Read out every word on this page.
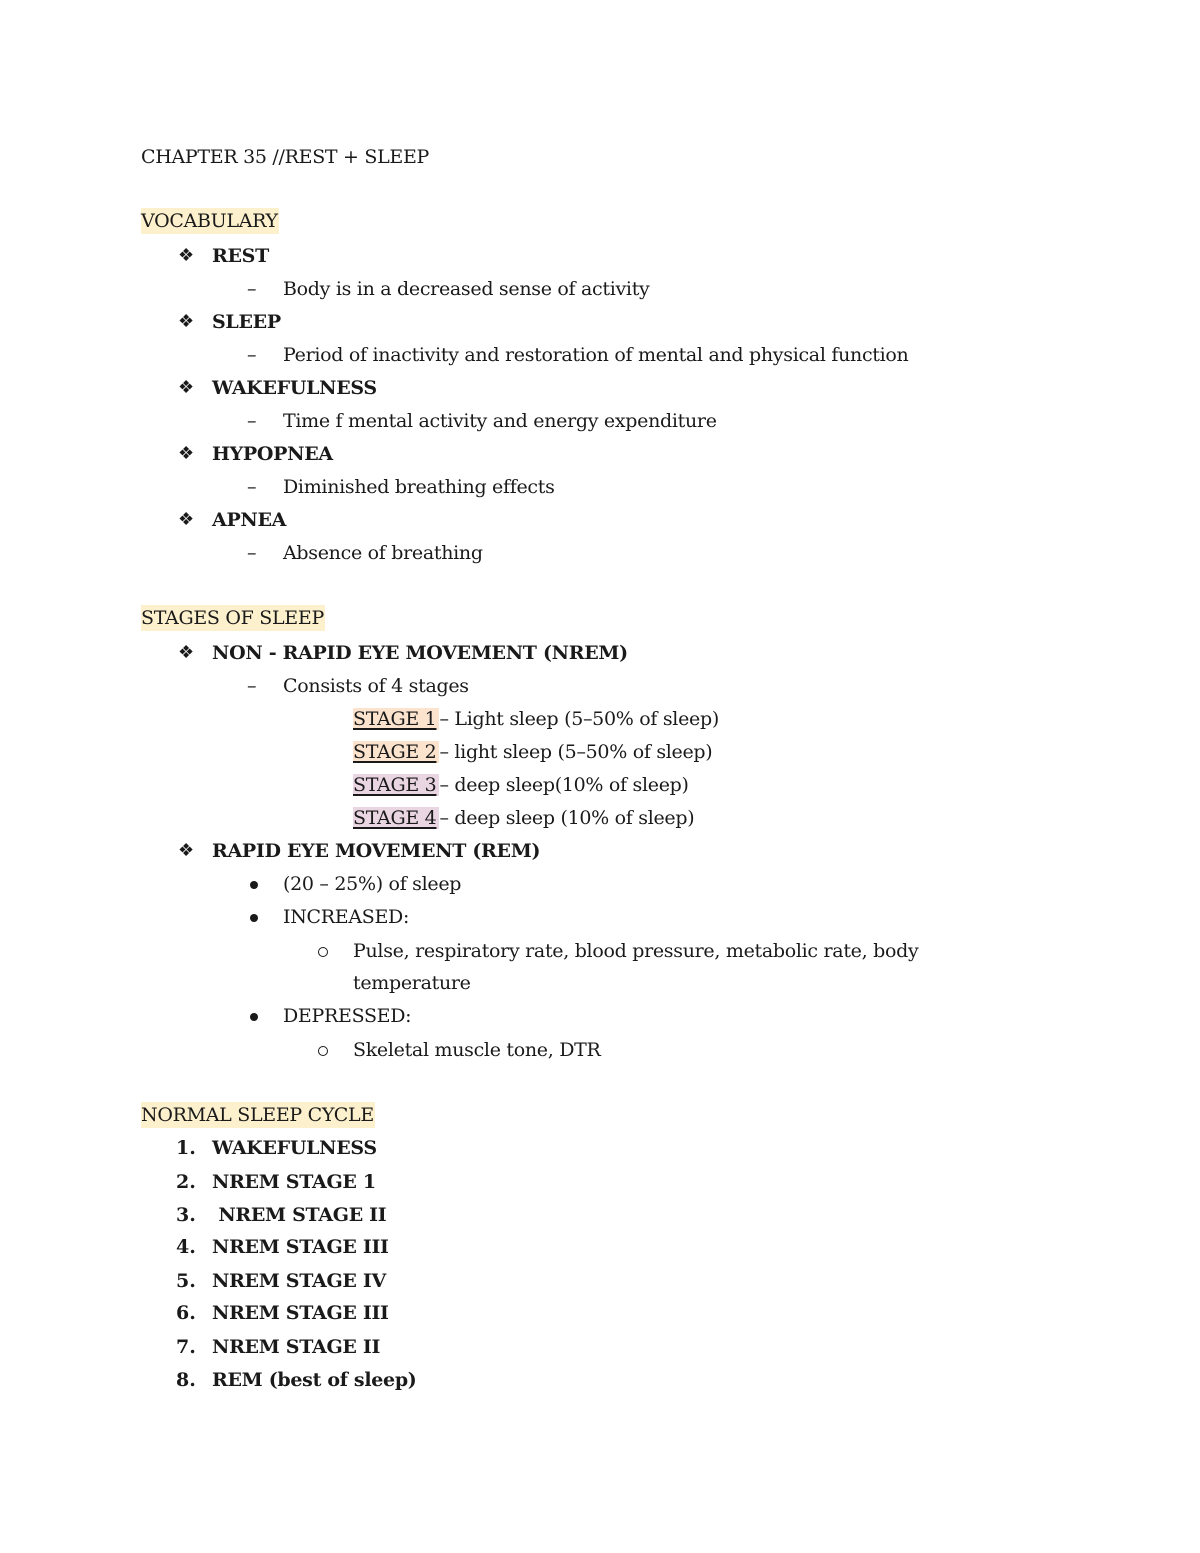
CHAPTER 35 //REST + SLEEP
VOCABULARY
❖ REST
– Body is in a decreased sense of activity
❖ SLEEP
– Period of inactivity and restoration of mental and physical function
❖ WAKEFULNESS
– Time f mental activity and energy expenditure
❖ HYPOPNEA
– Diminished breathing effects
❖ APNEA
– Absence of breathing
STAGES OF SLEEP
❖ NON - RAPID EYE MOVEMENT (NREM)
– Consists of 4 stages
STAGE 1 – Light sleep (5–50% of sleep)
STAGE 2 – light sleep (5–50% of sleep)
STAGE 3 – deep sleep(10% of sleep)
STAGE 4 – deep sleep (10% of sleep)
❖ RAPID EYE MOVEMENT (REM)
(20 – 25%) of sleep
INCREASED:
Pulse, respiratory rate, blood pressure, metabolic rate, body
temperature
DEPRESSED:
Skeletal muscle tone, DTR
NORMAL SLEEP CYCLE
1. WAKEFULNESS
2. NREM STAGE 1
3. NREM STAGE II
4. NREM STAGE III
5. NREM STAGE IV
6. NREM STAGE III
7. NREM STAGE II
8. REM (best of sleep)
